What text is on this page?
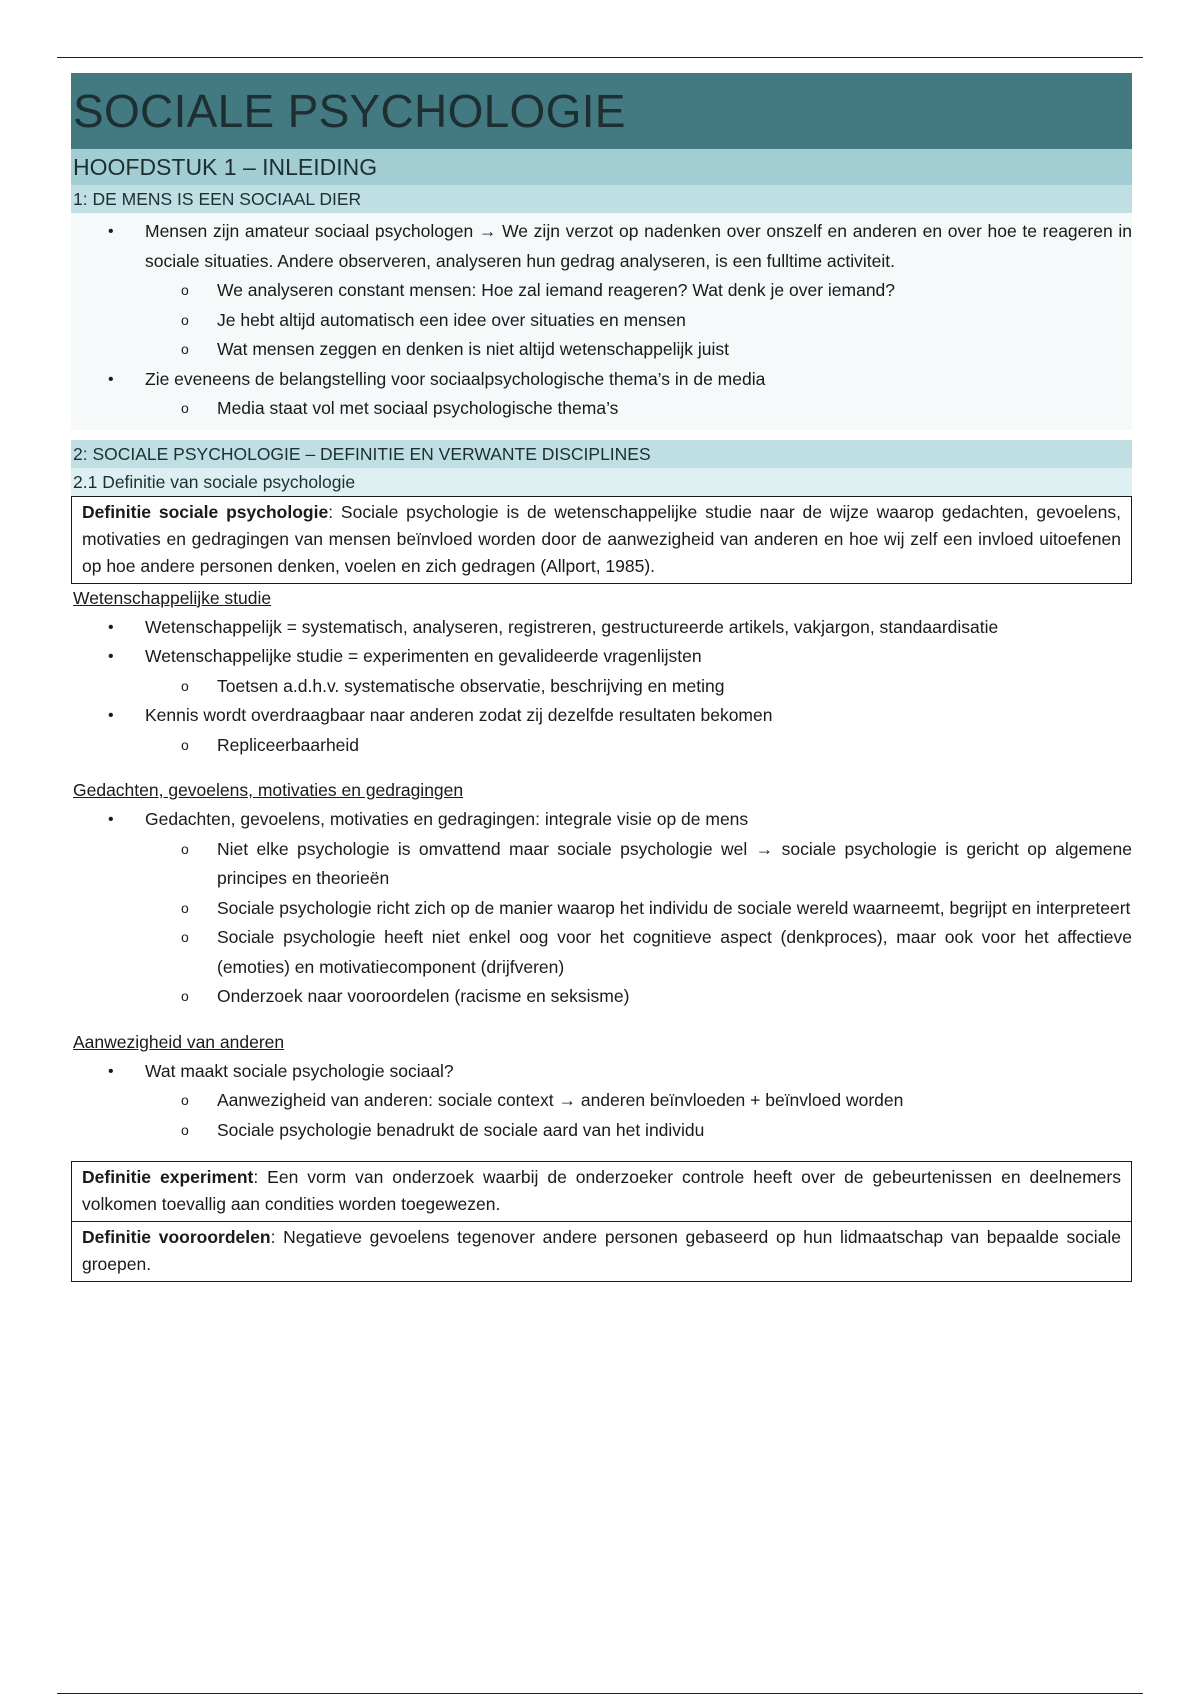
SOCIALE PSYCHOLOGIE
HOOFDSTUK 1 – INLEIDING
1: DE MENS IS EEN SOCIAAL DIER
• Mensen zijn amateur sociaal psychologen → We zijn verzot op nadenken over onszelf en anderen en over hoe te reageren in sociale situaties. Andere observeren, analyseren hun gedrag analyseren, is een fulltime activiteit.
o We analyseren constant mensen: Hoe zal iemand reageren? Wat denk je over iemand?
o Je hebt altijd automatisch een idee over situaties en mensen
o Wat mensen zeggen en denken is niet altijd wetenschappelijk juist
• Zie eveneens de belangstelling voor sociaalpsychologische thema’s in de media
o Media staat vol met sociaal psychologische thema’s
2: SOCIALE PSYCHOLOGIE – DEFINITIE EN VERWANTE DISCIPLINES
2.1 Definitie van sociale psychologie
Definitie sociale psychologie: Sociale psychologie is de wetenschappelijke studie naar de wijze waarop gedachten, gevoelens, motivaties en gedragingen van mensen beïnvloed worden door de aanwezigheid van anderen en hoe wij zelf een invloed uitoefenen op hoe andere personen denken, voelen en zich gedragen (Allport, 1985).
Wetenschappelijke studie
• Wetenschappelijk = systematisch, analyseren, registreren, gestructureerde artikels, vakjargon, standaardisatie
• Wetenschappelijke studie = experimenten en gevalideerde vragenlijsten
o Toetsen a.d.h.v. systematische observatie, beschrijving en meting
• Kennis wordt overdraagbaar naar anderen zodat zij dezelfde resultaten bekomen
o Repliceerbaarheid
Gedachten, gevoelens, motivaties en gedragingen
• Gedachten, gevoelens, motivaties en gedragingen: integrale visie op de mens
o Niet elke psychologie is omvattend maar sociale psychologie wel → sociale psychologie is gericht op algemene principes en theorieën
o Sociale psychologie richt zich op de manier waarop het individu de sociale wereld waarneemt, begrijpt en interpreteert
o Sociale psychologie heeft niet enkel oog voor het cognitieve aspect (denkproces), maar ook voor het affectieve (emoties) en motivatiecomponent (drijfveren)
o Onderzoek naar vooroordelen (racisme en seksisme)
Aanwezigheid van anderen
• Wat maakt sociale psychologie sociaal?
o Aanwezigheid van anderen: sociale context → anderen beïnvloeden + beïnvloed worden
o Sociale psychologie benadrukt de sociale aard van het individu
Definitie experiment: Een vorm van onderzoek waarbij de onderzoeker controle heeft over de gebeurtenissen en deelnemers volkomen toevallig aan condities worden toegewezen.
Definitie vooroordelen: Negatieve gevoelens tegenover andere personen gebaseerd op hun lidmaatschap van bepaalde sociale groepen.
